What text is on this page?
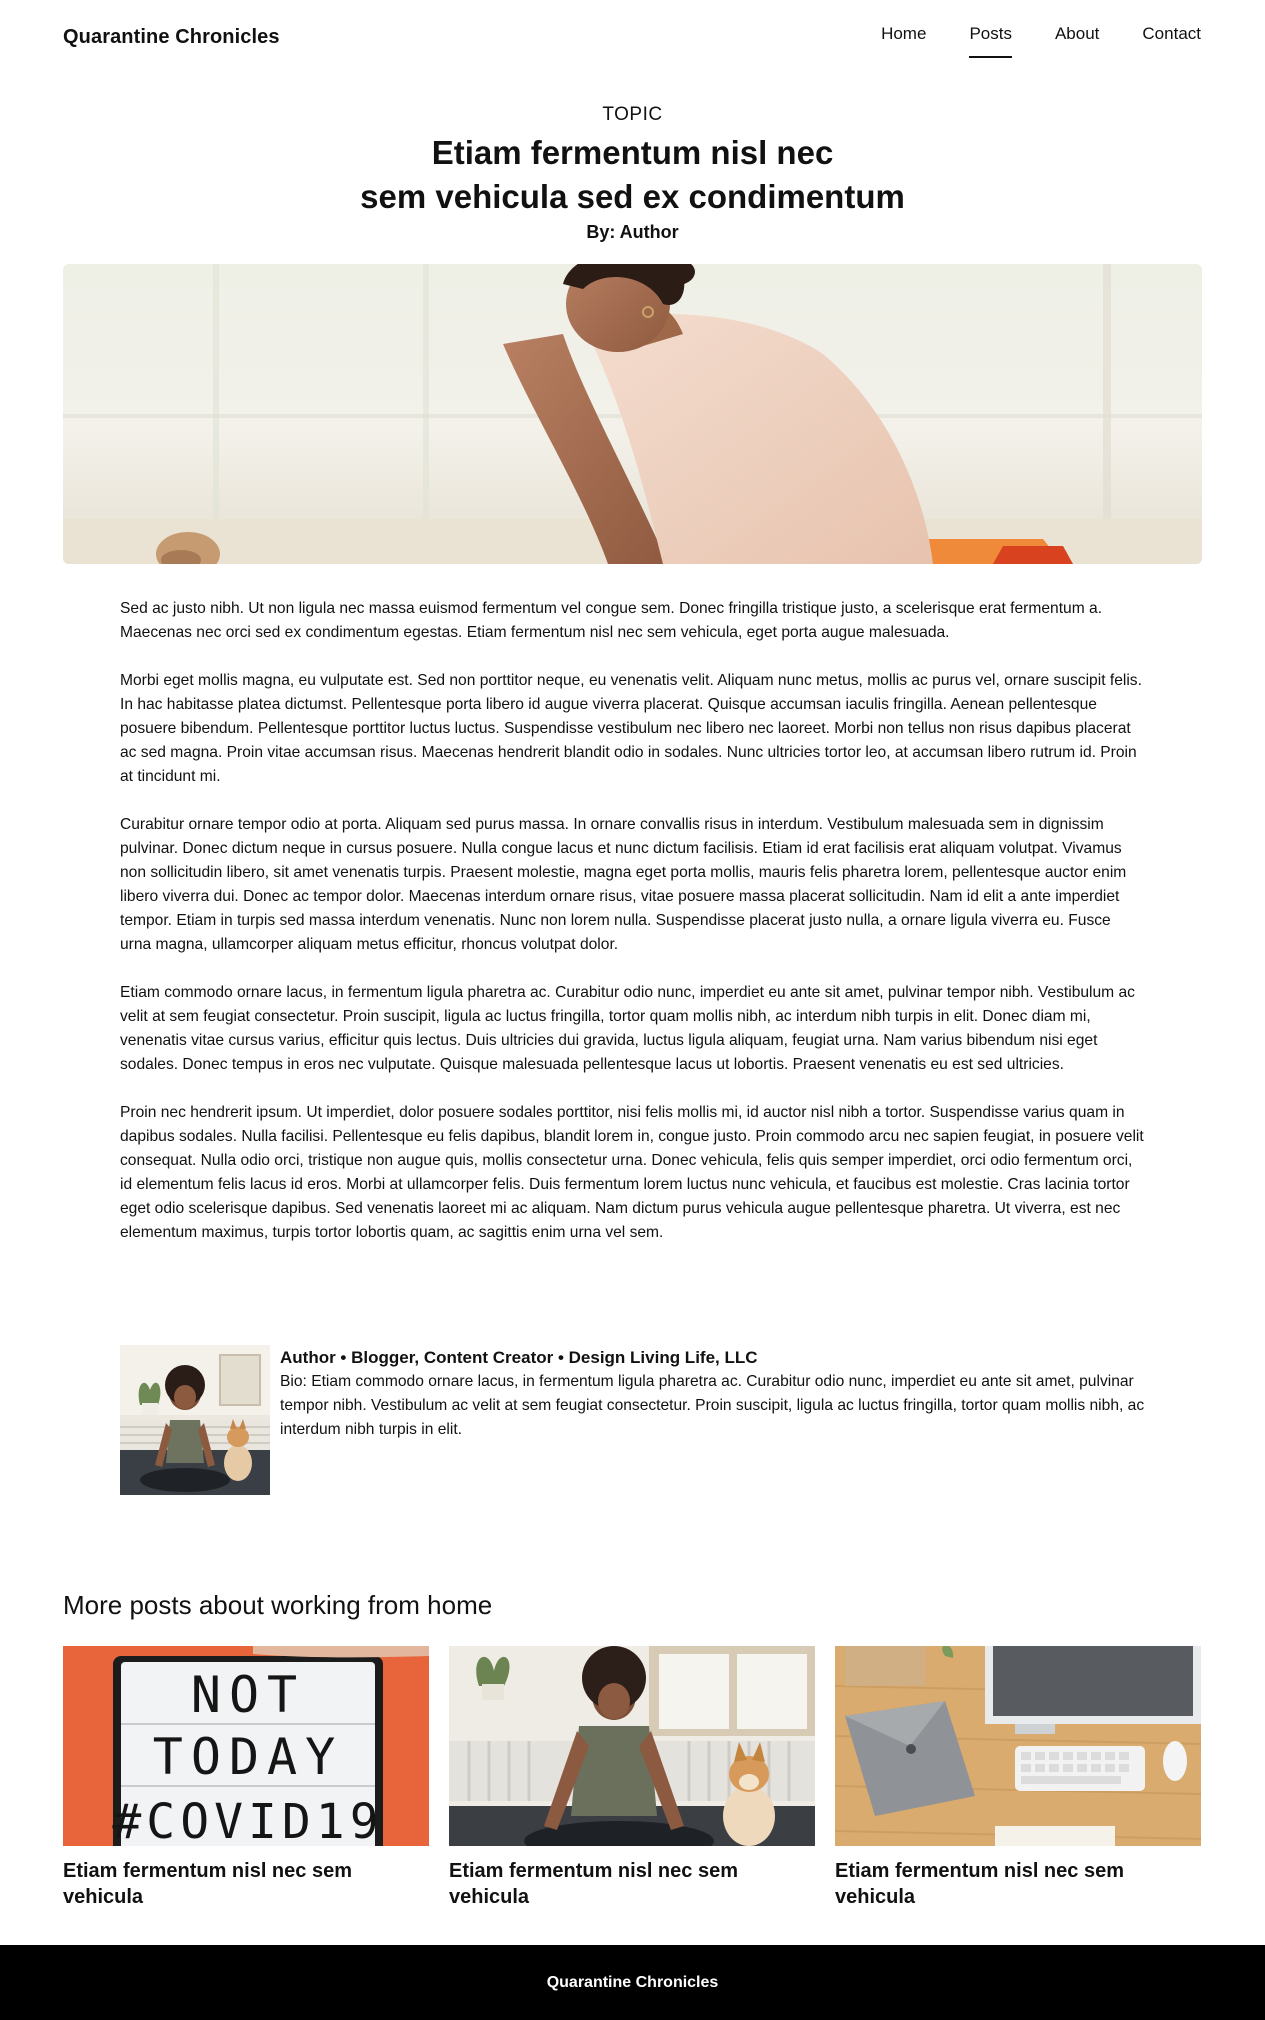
Quarantine Chronicles	Home	Posts	About	Contact
TOPIC
Etiam fermentum nisl nec
sem vehicula sed ex condimentum
By: Author

Sed ac justo nibh. Ut non ligula nec massa euismod fermentum vel congue sem. Donec fringilla tristique justo, a scelerisque erat fermentum a. Maecenas nec orci sed ex condimentum egestas. Etiam fermentum nisl nec sem vehicula, eget porta augue malesuada.

Morbi eget mollis magna, eu vulputate est. Sed non porttitor neque, eu venenatis velit. Aliquam nunc metus, mollis ac purus vel, ornare suscipit felis. In hac habitasse platea dictumst. Pellentesque porta libero id augue viverra placerat. Quisque accumsan iaculis fringilla. Aenean pellentesque posuere bibendum. Pellentesque porttitor luctus luctus. Suspendisse vestibulum nec libero nec laoreet. Morbi non tellus non risus dapibus placerat ac sed magna. Proin vitae accumsan risus. Maecenas hendrerit blandit odio in sodales. Nunc ultricies tortor leo, at accumsan libero rutrum id. Proin at tincidunt mi.

Curabitur ornare tempor odio at porta. Aliquam sed purus massa. In ornare convallis risus in interdum. Vestibulum malesuada sem in dignissim pulvinar. Donec dictum neque in cursus posuere. Nulla congue lacus et nunc dictum facilisis. Etiam id erat facilisis erat aliquam volutpat. Vivamus non sollicitudin libero, sit amet venenatis turpis. Praesent molestie, magna eget porta mollis, mauris felis pharetra lorem, pellentesque auctor enim libero viverra dui. Donec ac tempor dolor. Maecenas interdum ornare risus, vitae posuere massa placerat sollicitudin. Nam id elit a ante imperdiet tempor. Etiam in turpis sed massa interdum venenatis. Nunc non lorem nulla. Suspendisse placerat justo nulla, a ornare ligula viverra eu. Fusce urna magna, ullamcorper aliquam metus efficitur, rhoncus volutpat dolor.

Etiam commodo ornare lacus, in fermentum ligula pharetra ac. Curabitur odio nunc, imperdiet eu ante sit amet, pulvinar tempor nibh. Vestibulum ac velit at sem feugiat consectetur. Proin suscipit, ligula ac luctus fringilla, tortor quam mollis nibh, ac interdum nibh turpis in elit. Donec diam mi, venenatis vitae cursus varius, efficitur quis lectus. Duis ultricies dui gravida, luctus ligula aliquam, feugiat urna. Nam varius bibendum nisi eget sodales. Donec tempus in eros nec vulputate. Quisque malesuada pellentesque lacus ut lobortis. Praesent venenatis eu est sed ultricies.

Proin nec hendrerit ipsum. Ut imperdiet, dolor posuere sodales porttitor, nisi felis mollis mi, id auctor nisl nibh a tortor. Suspendisse varius quam in dapibus sodales. Nulla facilisi. Pellentesque eu felis dapibus, blandit lorem in, congue justo. Proin commodo arcu nec sapien feugiat, in posuere velit consequat. Nulla odio orci, tristique non augue quis, mollis consectetur urna. Donec vehicula, felis quis semper imperdiet, orci odio fermentum orci, id elementum felis lacus id eros. Morbi at ullamcorper felis. Duis fermentum lorem luctus nunc vehicula, et faucibus est molestie. Cras lacinia tortor eget odio scelerisque dapibus. Sed venenatis laoreet mi ac aliquam. Nam dictum purus vehicula augue pellentesque pharetra. Ut viverra, est nec elementum maximus, turpis tortor lobortis quam, ac sagittis enim urna vel sem.

Author • Blogger, Content Creator • Design Living Life, LLC
Bio: Etiam commodo ornare lacus, in fermentum ligula pharetra ac. Curabitur odio nunc, imperdiet eu ante sit amet, pulvinar tempor nibh. Vestibulum ac velit at sem feugiat consectetur. Proin suscipit, ligula ac luctus fringilla, tortor quam mollis nibh, ac interdum nibh turpis in elit.
More posts about working from home
NOT
TODAY
#COVID19
Etiam fermentum nisl nec sem vehicula
Etiam fermentum nisl nec sem vehicula
Etiam fermentum nisl nec sem vehicula
Quarantine Chronicles
